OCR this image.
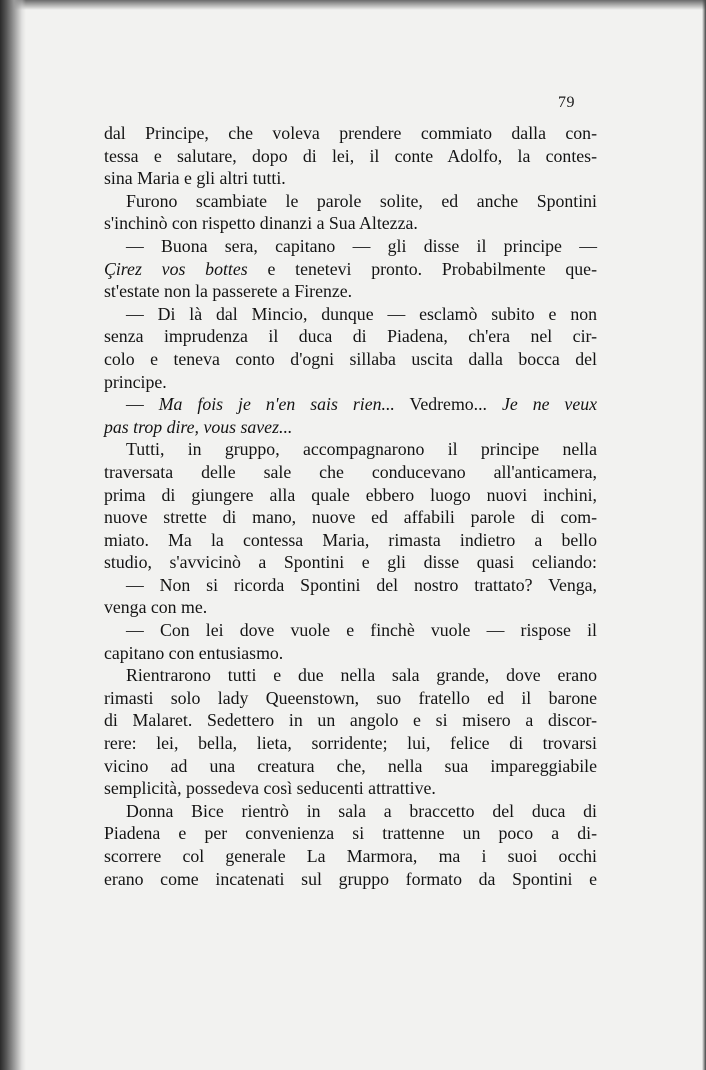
79
dal Principe, che voleva prendere commiato dalla con-
tessa e salutare, dopo di lei, il conte Adolfo, la contes-
sina Maria e gli altri tutti.
Furono scambiate le parole solite, ed anche Spontini
s'inchinò con rispetto dinanzi a Sua Altezza.
— Buona sera, capitano — gli disse il principe —
Çirez vos bottes e tenetevi pronto. Probabilmente que-
st'estate non la passerete a Firenze.
— Di là dal Mincio, dunque — esclamò subito e non
senza imprudenza il duca di Piadena, ch'era nel cir-
colo e teneva conto d'ogni sillaba uscita dalla bocca del
principe.
— Ma fois je n'en sais rien... Vedremo... Je ne veux
pas trop dire, vous savez...
Tutti, in gruppo, accompagnarono il principe nella
traversata delle sale che conducevano all'anticamera,
prima di giungere alla quale ebbero luogo nuovi inchini,
nuove strette di mano, nuove ed affabili parole di com-
miato. Ma la contessa Maria, rimasta indietro a bello
studio, s'avvicinò a Spontini e gli disse quasi celiando:
— Non si ricorda Spontini del nostro trattato? Venga,
venga con me.
— Con lei dove vuole e finchè vuole — rispose il
capitano con entusiasmo.
Rientrarono tutti e due nella sala grande, dove erano
rimasti solo lady Queenstown, suo fratello ed il barone
di Malaret. Sedettero in un angolo e si misero a discor-
rere: lei, bella, lieta, sorridente; lui, felice di trovarsi
vicino ad una creatura che, nella sua impareggiabile
semplicità, possedeva così seducenti attrattive.
Donna Bice rientrò in sala a braccetto del duca di
Piadena e per convenienza si trattenne un poco a di-
scorrere col generale La Marmora, ma i suoi occhi
erano come incatenati sul gruppo formato da Spontini e
